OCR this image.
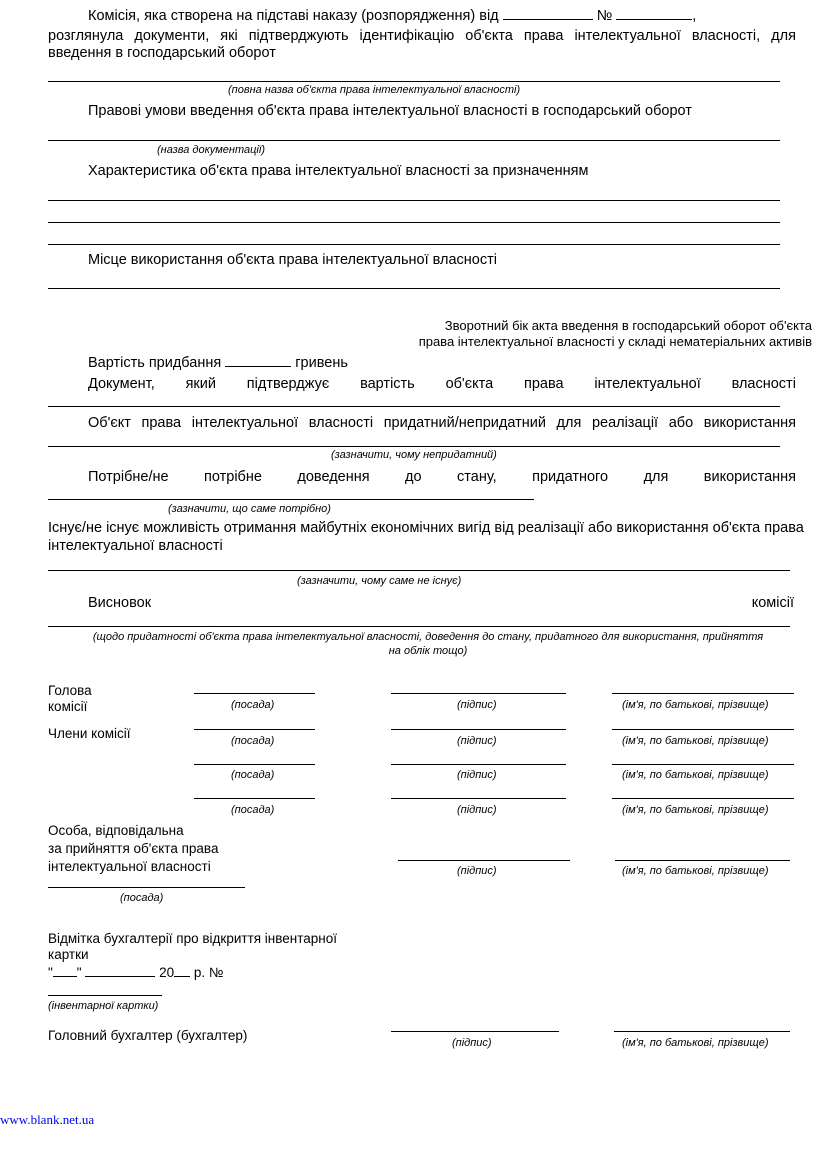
Комісія, яка створена на підставі наказу (розпорядження) від	№	,
розглянула документи, які підтверджують ідентифікацію об'єкта права інтелектуальної власності, для
введення в господарський оборот
(повна назва об'єкта права інтелектуальної власності)
Правові умови введення об'єкта права інтелектуальної власності в господарський оборот
(назва документації)
Характеристика об'єкта права інтелектуальної власності за призначенням
Місце використання об'єкта права інтелектуальної власності
Зворотний бік акта введення в господарський оборот об'єкта
права інтелектуальної власності у складі нематеріальних активів
Вартість придбання	гривень
Документ, який підтверджує вартість об'єкта права інтелектуальної власності
Об'єкт права інтелектуальної власності придатний/непридатний для реалізації або використання
(зазначити, чому непридатний)
Потрібне/не потрібне доведення до стану, придатного для використання
(зазначити, що саме потрібно)
Існує/не існує можливість отримання майбутніх економічних вигід від реалізації або використання об'єкта права
інтелектуальної власності
(зазначити, чому саме не існує)
Висновок	комісії
(щодо придатності об'єкта права інтелектуальної власності, доведення до стану, придатного для використання, прийняття
на облік тощо)
Голова
комісії	(посада)	(підпис)	(ім'я, по батькові, прізвище)
Члени комісії	(посада)	(підпис)	(ім'я, по батькові, прізвище)
(посада)	(підпис)	(ім'я, по батькові, прізвище)
(посада)	(підпис)	(ім'я, по батькові, прізвище)
Особа, відповідальна
за прийняття об'єкта права
інтелектуальної власності	(підпис)	(ім'я, по батькові, прізвище)
(посада)
Відмітка бухгалтерії про відкриття інвентарної
картки
" "	20 р. №
(інвентарної картки)
Головний бухгалтер (бухгалтер)	(підпис)	(ім'я, по батькові, прізвище)
www.blank.net.ua
